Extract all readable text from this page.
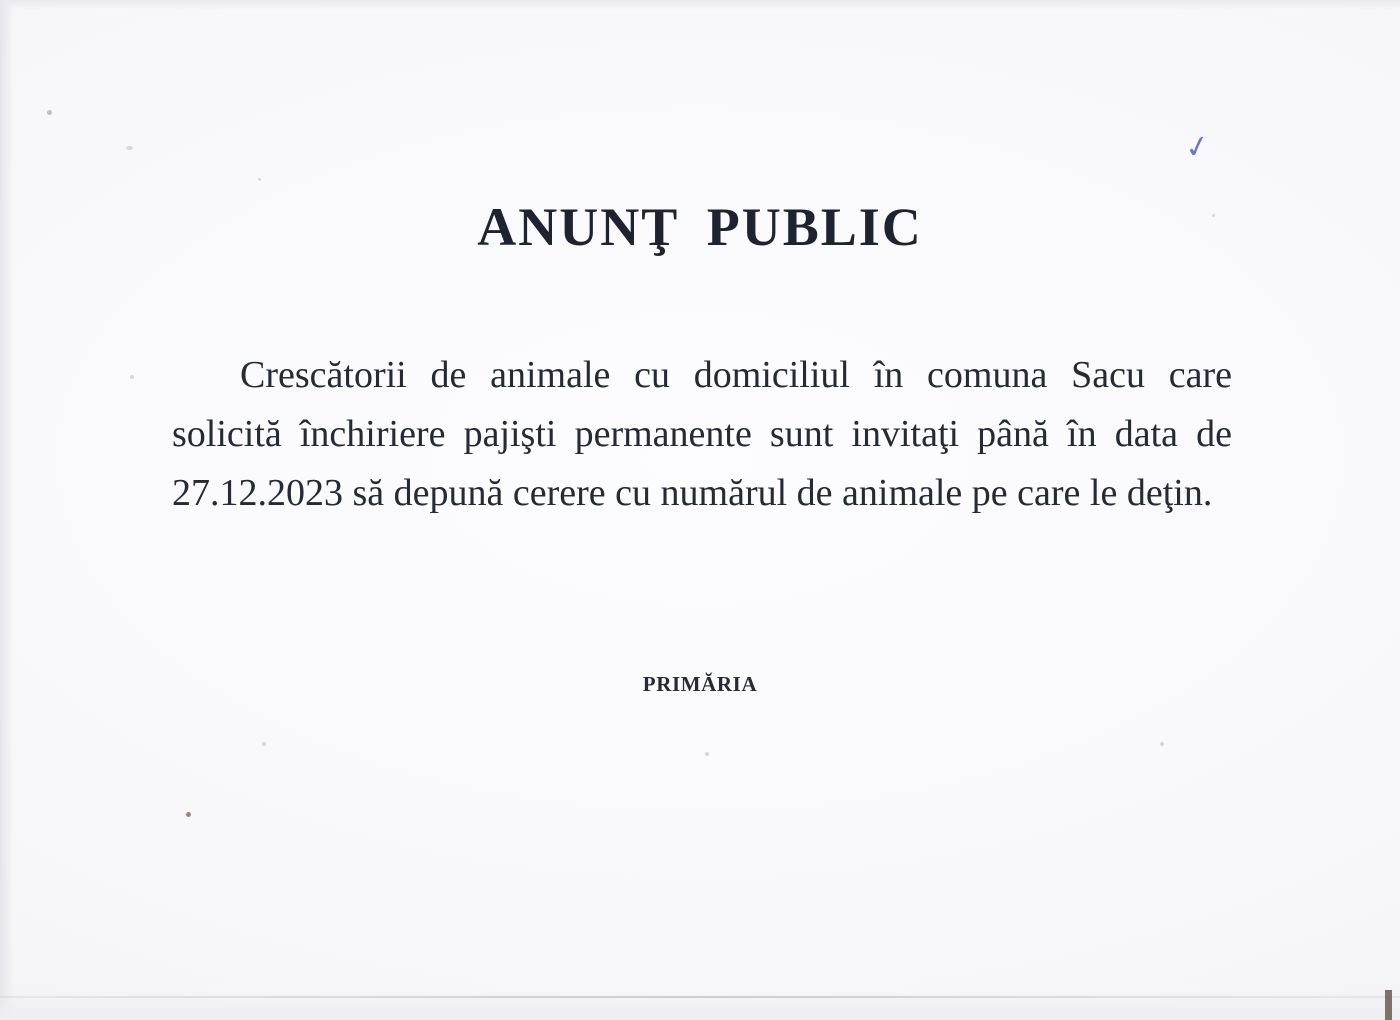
✓
ANUNŢ PUBLIC
Crescătorii de animale cu domiciliul în comuna Sacu care solicită închiriere pajişti permanente sunt invitaţi până în data de 27.12.2023 să depună cerere cu numărul de animale pe care le deţin.
PRIMĂRIA
